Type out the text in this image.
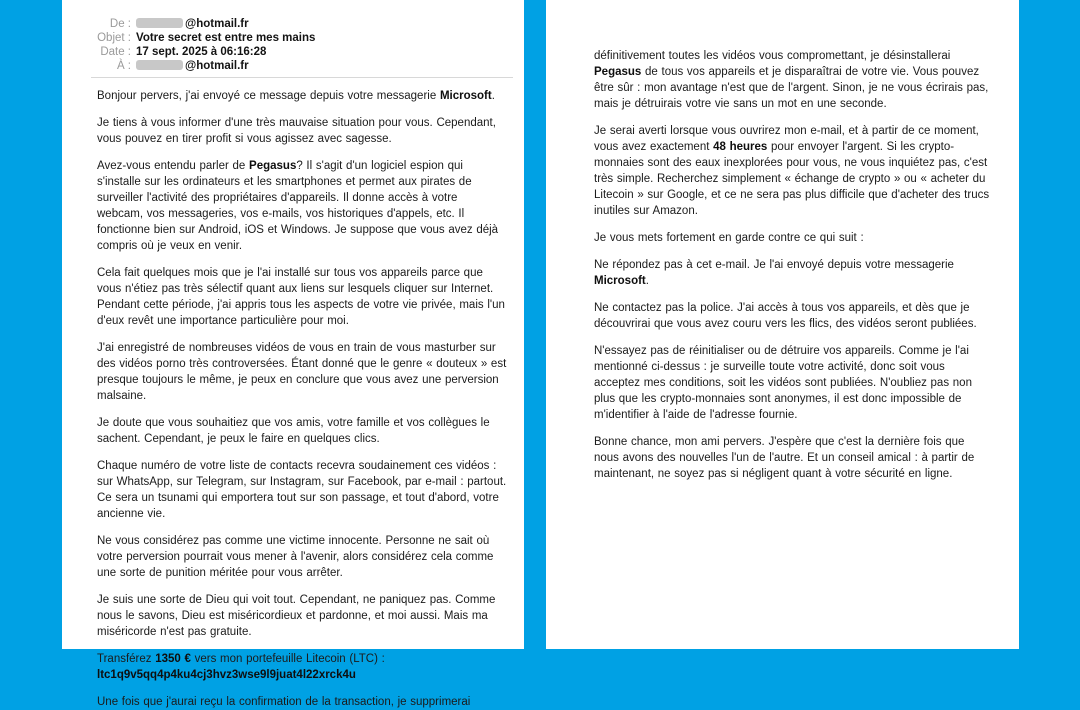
De :	@hotmail.fr
Objet : Votre secret est entre mes mains
Date : 17 sept. 2025 à 06:16:28
À :	@hotmail.fr

Bonjour pervers, j'ai envoyé ce message depuis votre messagerie Microsoft.

Je tiens à vous informer d'une très mauvaise situation pour vous. Cependant, vous pouvez en tirer profit si vous agissez avec sagesse.

Avez-vous entendu parler de Pegasus? Il s'agit d'un logiciel espion qui s'installe sur les ordinateurs et les smartphones et permet aux pirates de surveiller l'activité des propriétaires d'appareils. Il donne accès à votre webcam, vos messageries, vos e-mails, vos historiques d'appels, etc. Il fonctionne bien sur Android, iOS et Windows. Je suppose que vous avez déjà compris où je veux en venir.

Cela fait quelques mois que je l'ai installé sur tous vos appareils parce que vous n'étiez pas très sélectif quant aux liens sur lesquels cliquer sur Internet. Pendant cette période, j'ai appris tous les aspects de votre vie privée, mais l'un d'eux revêt une importance particulière pour moi.

J'ai enregistré de nombreuses vidéos de vous en train de vous masturber sur des vidéos porno très controversées. Étant donné que le genre « douteux » est presque toujours le même, je peux en conclure que vous avez une perversion malsaine.

Je doute que vous souhaitiez que vos amis, votre famille et vos collègues le sachent. Cependant, je peux le faire en quelques clics.

Chaque numéro de votre liste de contacts recevra soudainement ces vidéos : sur WhatsApp, sur Telegram, sur Instagram, sur Facebook, par e-mail : partout. Ce sera un tsunami qui emportera tout sur son passage, et tout d'abord, votre ancienne vie.

Ne vous considérez pas comme une victime innocente. Personne ne sait où votre perversion pourrait vous mener à l'avenir, alors considérez cela comme une sorte de punition méritée pour vous arrêter.

Je suis une sorte de Dieu qui voit tout. Cependant, ne paniquez pas. Comme nous le savons, Dieu est miséricordieux et pardonne, et moi aussi. Mais ma miséricorde n'est pas gratuite.

Transférez 1350 € vers mon portefeuille Litecoin (LTC) :
ltc1q9v5qq4p4ku4cj3hvz3wse9l9juat4l22xrck4u

Une fois que j'aurai reçu la confirmation de la transaction, je supprimerai

définitivement toutes les vidéos vous compromettant, je désinstallerai Pegasus de tous vos appareils et je disparaîtrai de votre vie. Vous pouvez être sûr : mon avantage n'est que de l'argent. Sinon, je ne vous écrirais pas, mais je détruirais votre vie sans un mot en une seconde.

Je serai averti lorsque vous ouvrirez mon e-mail, et à partir de ce moment, vous avez exactement 48 heures pour envoyer l'argent. Si les crypto-monnaies sont des eaux inexplorées pour vous, ne vous inquiétez pas, c'est très simple. Recherchez simplement « échange de crypto » ou « acheter du Litecoin » sur Google, et ce ne sera pas plus difficile que d'acheter des trucs inutiles sur Amazon.

Je vous mets fortement en garde contre ce qui suit :

Ne répondez pas à cet e-mail. Je l'ai envoyé depuis votre messagerie Microsoft.

Ne contactez pas la police. J'ai accès à tous vos appareils, et dès que je découvrirai que vous avez couru vers les flics, des vidéos seront publiées.

N'essayez pas de réinitialiser ou de détruire vos appareils. Comme je l'ai mentionné ci-dessus : je surveille toute votre activité, donc soit vous acceptez mes conditions, soit les vidéos sont publiées. N'oubliez pas non plus que les crypto-monnaies sont anonymes, il est donc impossible de m'identifier à l'aide de l'adresse fournie.

Bonne chance, mon ami pervers. J'espère que c'est la dernière fois que nous avons des nouvelles l'un de l'autre. Et un conseil amical : à partir de maintenant, ne soyez pas si négligent quant à votre sécurité en ligne.
